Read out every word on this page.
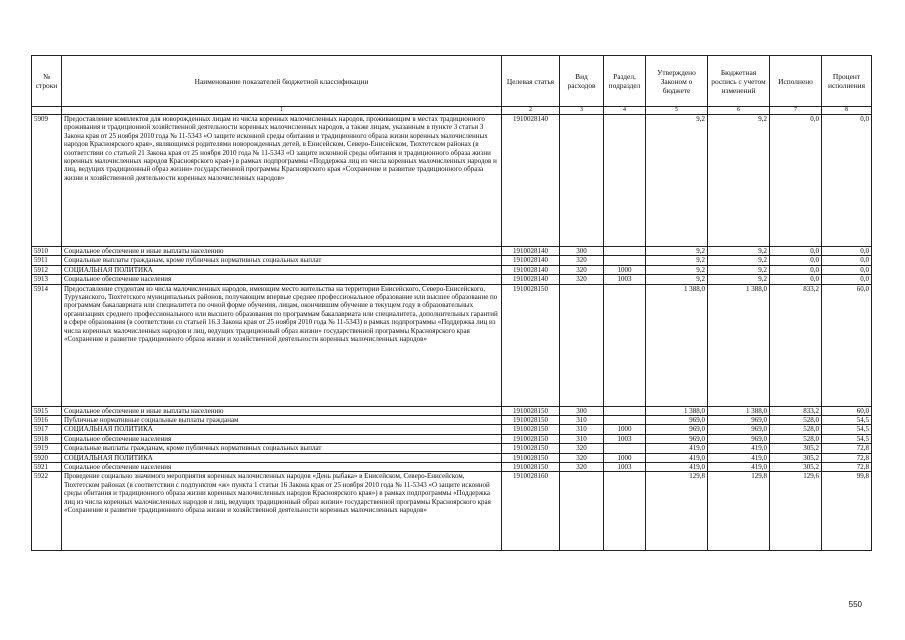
№ строки	Наименование показателей бюджетной классификации	Целевая статья	Вид расходов	Раздел, подраздел	Утверждено Законом о бюджете	Бюджетная роспись с учетом изменений	Исполнено	Процент исполнения
	1	2	3	4	5	6	7	8
5909	Предоставление комплектов для новорожденных лицам из числа коренных малочисленных народов, проживающим в местах традиционного проживания и традиционной хозяйственной деятельности коренных малочисленных народов, а также лицам, указанным в пункте 3 статьи 3 Закона края от 25 ноября 2010 года № 11-5343 «О защите исконной среды обитания и традиционного образа жизни коренных малочисленных народов Красноярского края», являющимся родителями новорожденных детей, в Енисейском, Северо-Енисейском, Тюхтетском районах (в соответствии со статьей 21 Закона края от 25 ноября 2010 года № 11-5343 «О защите исконной среды обитания и традиционного образа жизни коренных малочисленных народов Красноярского края») в рамках подпрограммы «Поддержка лиц из числа коренных малочисленных народов и лиц, ведущих традиционный образ жизни» государственной программы Красноярского края «Сохранение и развитие традиционного образа жизни и хозяйственной деятельности коренных малочисленных народов»	1910028140			9,2	9,2	0,0	0,0
5910	Социальное обеспечение и иные выплаты населению	1910028140	300		9,2	9,2	0,0	0,0
5911	Социальные выплаты гражданам, кроме публичных нормативных социальных выплат	1910028140	320		9,2	9,2	0,0	0,0
5912	СОЦИАЛЬНАЯ ПОЛИТИКА	1910028140	320	1000	9,2	9,2	0,0	0,0
5913	Социальное обеспечение населения	1910028140	320	1003	9,2	9,2	0,0	0,0
5914	Предоставление студентам из числа малочисленных народов, имеющим место жительства на территории Енисейского, Северо-Енисейского, Туруханского, Тюхтетского муниципальных районов, получающим впервые среднее профессиональное образование или высшее образование по программам бакалавриата или специалитета по очной форме обучения, лицам, окончившим обучение в текущем году в образовательных организациях среднего профессионального или высшего образования по программам бакалавриата или специалитета, дополнительных гарантий в сфере образования (в соответствии со статьей 16.3 Закона края от 25 ноября 2010 года № 11-5343) в рамках подпрограммы «Поддержка лиц из числа коренных малочисленных народов и лиц, ведущих традиционный образ жизни» государственной программы Красноярского края «Сохранение и развитие традиционного образа жизни и хозяйственной деятельности коренных малочисленных народов»	1910028150			1 388,0	1 388,0	833,2	60,0
5915	Социальное обеспечение и иные выплаты населению	1910028150	300		1 388,0	1 388,0	833,2	60,0
5916	Публичные нормативные социальные выплаты гражданам	1910028150	310		969,0	969,0	528,0	54,5
5917	СОЦИАЛЬНАЯ ПОЛИТИКА	1910028150	310	1000	969,0	969,0	528,0	54,5
5918	Социальное обеспечение населения	1910028150	310	1003	969,0	969,0	528,0	54,5
5919	Социальные выплаты гражданам, кроме публичных нормативных социальных выплат	1910028150	320		419,0	419,0	305,2	72,8
5920	СОЦИАЛЬНАЯ ПОЛИТИКА	1910028150	320	1000	419,0	419,0	305,2	72,8
5921	Социальное обеспечение населения	1910028150	320	1003	419,0	419,0	305,2	72,8
5922	Проведение социально значимого мероприятия коренных малочисленных народов «День рыбака» в Енисейском, Северо-Енисейском, Тюхтетском районах (в соответствии с подпунктом «ж» пункта 1 статьи 16 Закона края от 25 ноября 2010 года № 11-5343 «О защите исконной среды обитания и традиционного образа жизни коренных малочисленных народов Красноярского края») в рамках подпрограммы «Поддержка лиц из числа коренных малочисленных народов и лиц, ведущих традиционный образ жизни» государственной программы Красноярского края «Сохранение и развитие традиционного образа жизни и хозяйственной деятельности коренных малочисленных народов»	1910028160			129,8	129,8	129,6	99,8
550
